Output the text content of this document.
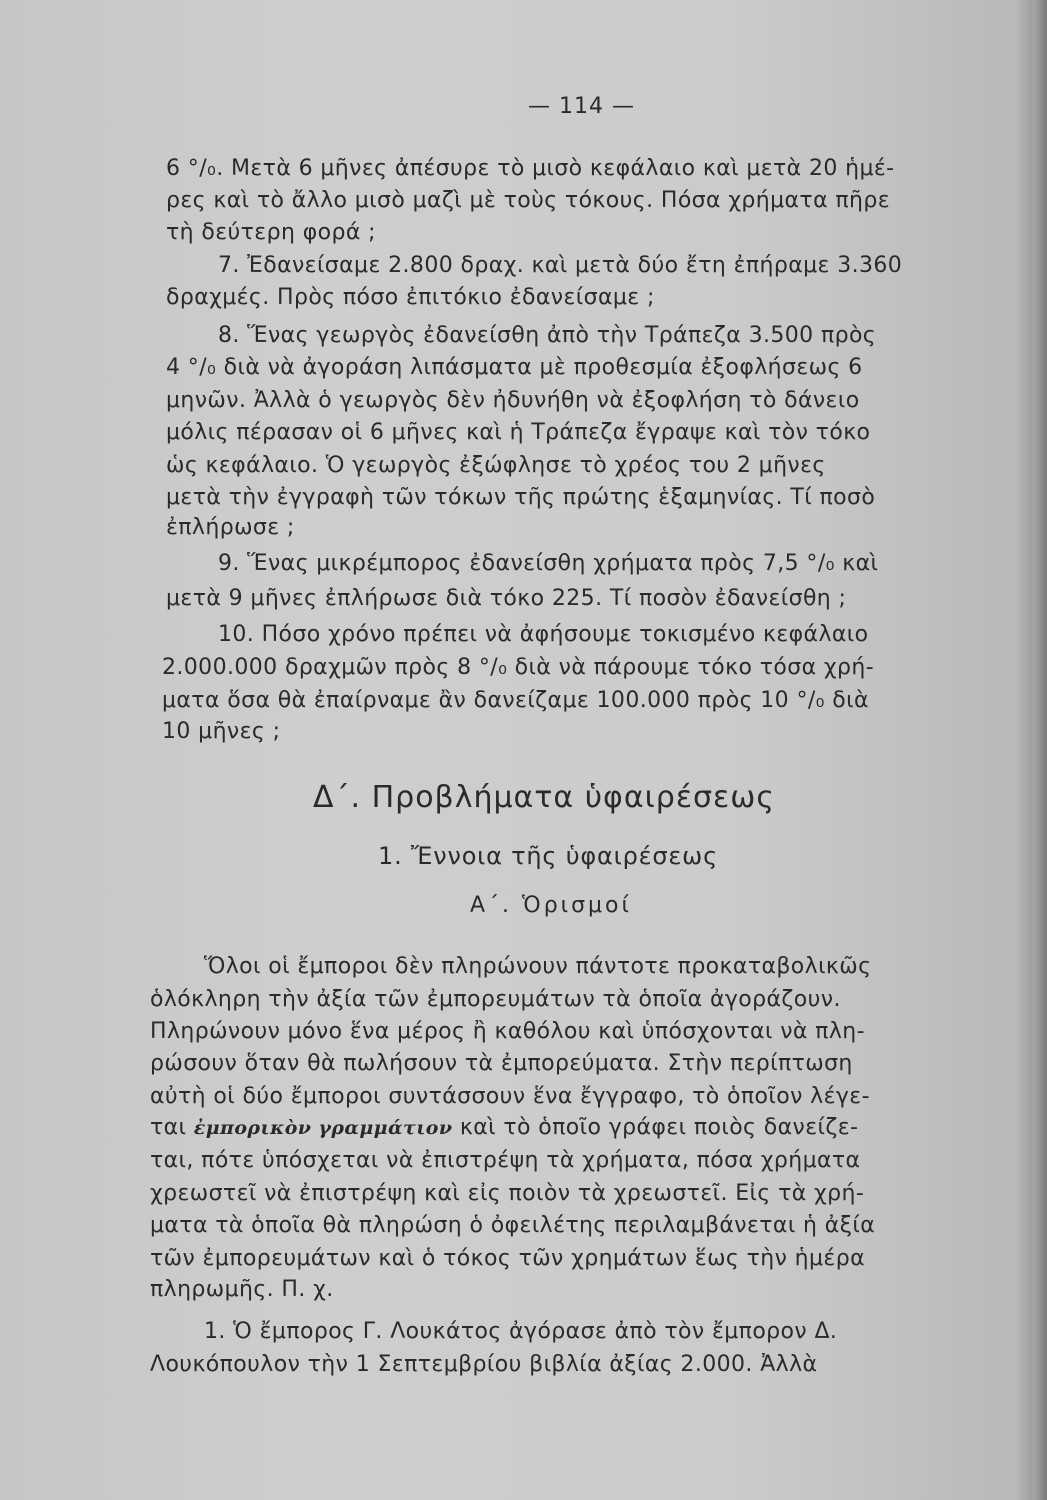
— 114 —
6 °/₀. Μετὰ 6 μῆνες ἀπέσυρε τὸ μισὸ κεφάλαιο καὶ μετὰ 20 ἡμέ-
ρες καὶ τὸ ἄλλο μισὸ μαζὶ μὲ τοὺς τόκους. Πόσα χρήματα πῆρε
τὴ δεύτερη φορά ;
7. Ἐδανείσαμε 2.800 δραχ. καὶ μετὰ δύο ἔτη ἐπήραμε 3.360
δραχμές. Πρὸς πόσο ἐπιτόκιο ἐδανείσαμε ;
8. Ἕνας γεωργὸς ἐδανείσθη ἀπὸ τὴν Τράπεζα 3.500 πρὸς
4 °/₀ διὰ νὰ ἀγοράση λιπάσματα μὲ προθεσμία ἐξοφλήσεως 6
μηνῶν. Ἀλλὰ ὁ γεωργὸς δὲν ἠδυνήθη νὰ ἐξοφλήση τὸ δάνειο
μόλις πέρασαν οἱ 6 μῆνες καὶ ἡ Τράπεζα ἔγραψε καὶ τὸν τόκο
ὡς κεφάλαιο. Ὁ γεωργὸς ἐξώφλησε τὸ χρέος του 2 μῆνες
μετὰ τὴν ἐγγραφὴ τῶν τόκων τῆς πρώτης ἑξαμηνίας. Τί ποσὸ
ἐπλήρωσε ;
9. Ἕνας μικρέμπορος ἐδανείσθη χρήματα πρὸς 7,5 °/₀ καὶ
μετὰ 9 μῆνες ἐπλήρωσε διὰ τόκο 225. Τί ποσὸν ἐδανείσθη ;
10. Πόσο χρόνο πρέπει νὰ ἀφήσουμε τοκισμένο κεφάλαιο
2.000.000 δραχμῶν πρὸς 8 °/₀ διὰ νὰ πάρουμε τόκο τόσα χρή-
ματα ὅσα θὰ ἐπαίρναμε ἂν δανείζαμε 100.000 πρὸς 10 °/₀ διὰ
10 μῆνες ;
Δ΄. Προβλήματα ὑφαιρέσεως
1. Ἔννοια τῆς ὑφαιρέσεως
Α΄. Ὁρισμοί
Ὅλοι οἱ ἔμποροι δὲν πληρώνουν πάντοτε προκαταβολικῶς
ὁλόκληρη τὴν ἀξία τῶν ἐμπορευμάτων τὰ ὁποῖα ἀγοράζουν.
Πληρώνουν μόνο ἕνα μέρος ἢ καθόλου καὶ ὑπόσχονται νὰ πλη-
ρώσουν ὅταν θὰ πωλήσουν τὰ ἐμπορεύματα. Στὴν περίπτωση
αὐτὴ οἱ δύο ἔμποροι συντάσσουν ἕνα ἔγγραφο, τὸ ὁποῖον λέγε-
ται ἐμπορικὸν γραμμάτιον καὶ τὸ ὁποῖο γράφει ποιὸς δανείζε-
ται, πότε ὑπόσχεται νὰ ἐπιστρέψη τὰ χρήματα, πόσα χρήματα
χρεωστεῖ νὰ ἐπιστρέψη καὶ εἰς ποιὸν τὰ χρεωστεῖ. Εἰς τὰ χρή-
ματα τὰ ὁποῖα θὰ πληρώση ὁ ὀφειλέτης περιλαμβάνεται ἡ ἀξία
τῶν ἐμπορευμάτων καὶ ὁ τόκος τῶν χρημάτων ἕως τὴν ἡμέρα
πληρωμῆς. Π. χ.
1. Ὁ ἔμπορος Γ. Λουκάτος ἀγόρασε ἀπὸ τὸν ἔμπορον Δ.
Λουκόπουλον τὴν 1 Σεπτεμβρίου βιβλία ἀξίας 2.000. Ἀλλὰ
